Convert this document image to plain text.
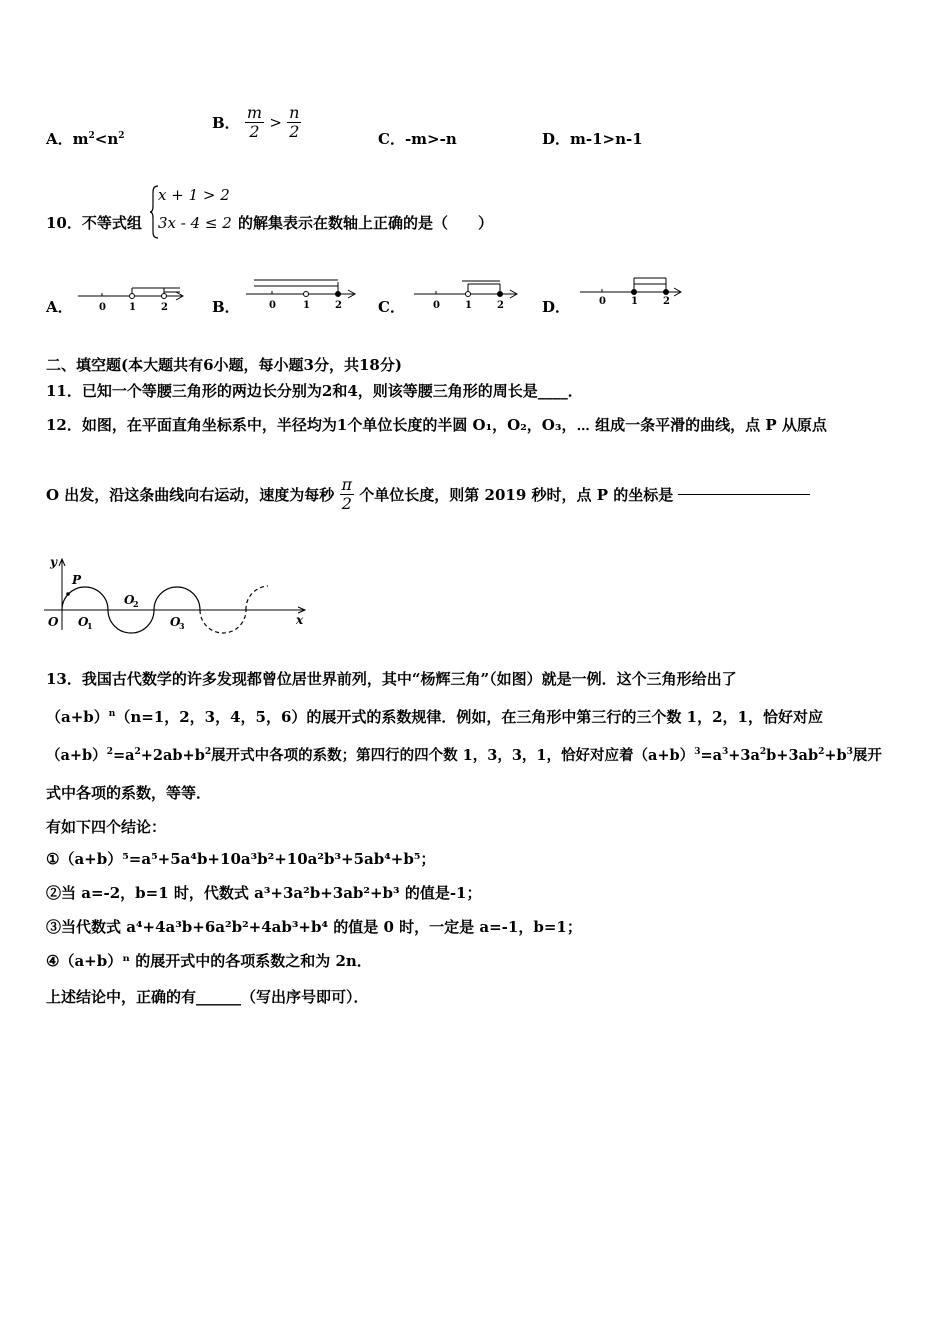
A．$m^2<n^2$
B． $\frac{m}{2} > \frac{n}{2}$	C．-m>-n	D．m-1>n-1
10．不等式组
x + 1 > 2
3x - 4 ≤ 2 的解集表示在数轴上正确的是（　　）
A．	0 1	2	B．	0	1	2 C．	0	1	2	D．	0	1	2
二、填空题(本大题共有6小题，每小题3分，共18分)
11．已知一个等腰三角形的两边长分别为2和4，则该等腰三角形的周长是____．
12．如图，在平面直角坐标系中，半径均为1个单位长度的半圆 O₁，O₂，O₃，⋯ 组成一条平滑的曲线，点 P 从原点
O 出发，沿这条曲线向右运动，速度为每秒 $\frac{\pi}{2}$ 个单位长度，则第 2019 秒时，点 P 的坐标是
y
x
P
O O
1
O
2
O
3
13．我国古代数学的许多发现都曾位居世界前列，其中“杨辉三角”（如图）就是一例．这个三角形给出了
$(a+b)^n(n=1$，2，3，4，5，6）的展开式的系数规律．例如，在三角形中第三行的三个数 1，2，1，恰好对应
$(a+b)^2=a^2+2ab+b^2$展开式中各项的系数；第四行的四个数 1，3，3，1，恰好对应着$(a+b)^3=a^3+3a^2b+3ab^2+b^3$展开
式中各项的系数，等等．
有如下四个结论：
①（a+b）⁵=a⁵+5a⁴b+10a³b²+10a²b³+5ab⁴+b⁵；
②当 a=-2，b=1 时，代数式 a³+3a²b+3ab²+b³ 的值是-1；
③当代数式 a⁴+4a³b+6a²b²+4ab³+b⁴ 的值是 0 时，一定是 a=-1，b=1；
④（a+b）ⁿ 的展开式中的各项系数之和为 2n．
上述结论中，正确的有______（写出序号即可）．
